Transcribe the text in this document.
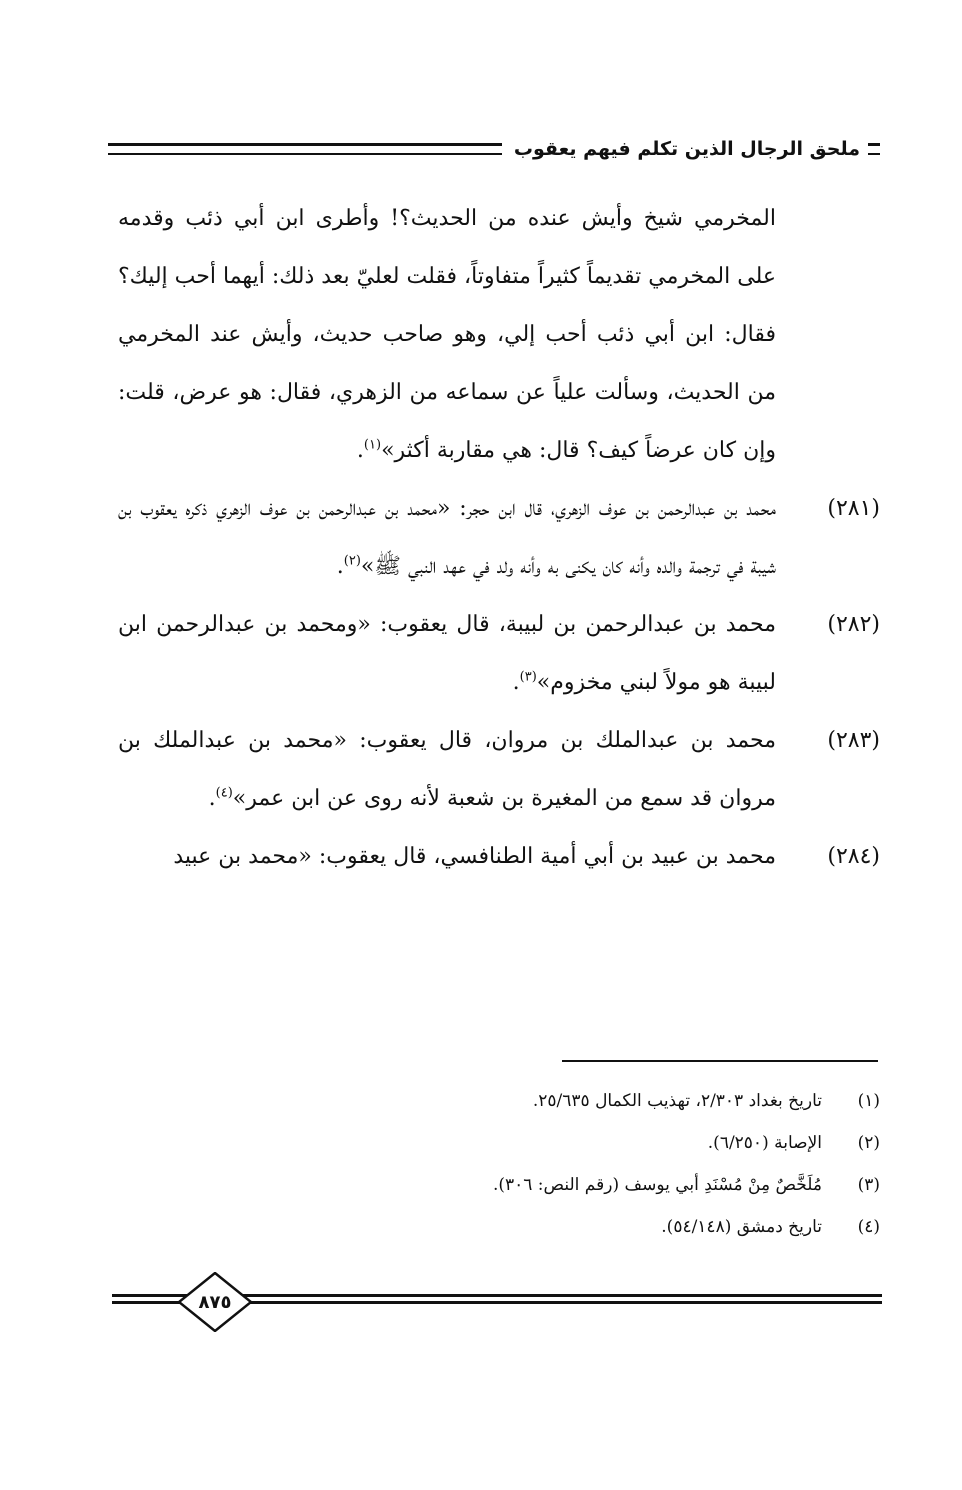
ملحق الرجال الذين تكلم فيهم يعقوب

المخرمي شيخ وأيش عنده من الحديث؟! وأطرى ابن أبي ذئب وقدمه على المخرمي تقديماً كثيراً متفاوتاً، فقلت لعليّ بعد ذلك: أيهما أحب إليك؟ فقال: ابن أبي ذئب أحب إلي، وهو صاحب حديث، وأيش عند المخرمي من الحديث، وسألت علياً عن سماعه من الزهري، فقال: هو عرض، قلت: وإن كان عرضاً كيف؟ قال: هي مقاربة أكثر»$^{(١)}$.

(٢٨١)
محمد بن عبدالرحمن بن عوف الزهري، قال ابن حجر: «محمد بن عبدالرحمن بن عوف الزهري ذكره يعقوب بن شيبة في ترجمة والده وأنه كان يكنى به وأنه ولد في عهد النبي ﷺ»$^{(٢)}$.
(٢٨٢)
محمد بن عبدالرحمن بن لبيبة، قال يعقوب: «ومحمد بن عبدالرحمن ابن لبيبة هو مولاً لبني مخزوم»$^{(٣)}$.
(٢٨٣)
محمد بن عبدالملك بن مروان، قال يعقوب: «محمد بن عبدالملك بن مروان قد سمع من المغيرة بن شعبة لأنه روى عن ابن عمر»$^{(٤)}$.
(٢٨٤)
محمد بن عبيد بن أبي أمية الطنافسي، قال يعقوب: «محمد بن عبيد

(١)
تاريخ بغداد ٢/٣٠٣، تهذيب الكمال ٢٥/٦٣٥.

(٢)
الإصابة (٦/٢٥٠).

(٣)
مُلَخَّصٌ مِنْ مُسْنَدِ أبي يوسف (رقم النص: ٣٠٦).

(٤)
تاريخ دمشق (٥٤/١٤٨).

٨٧٥
